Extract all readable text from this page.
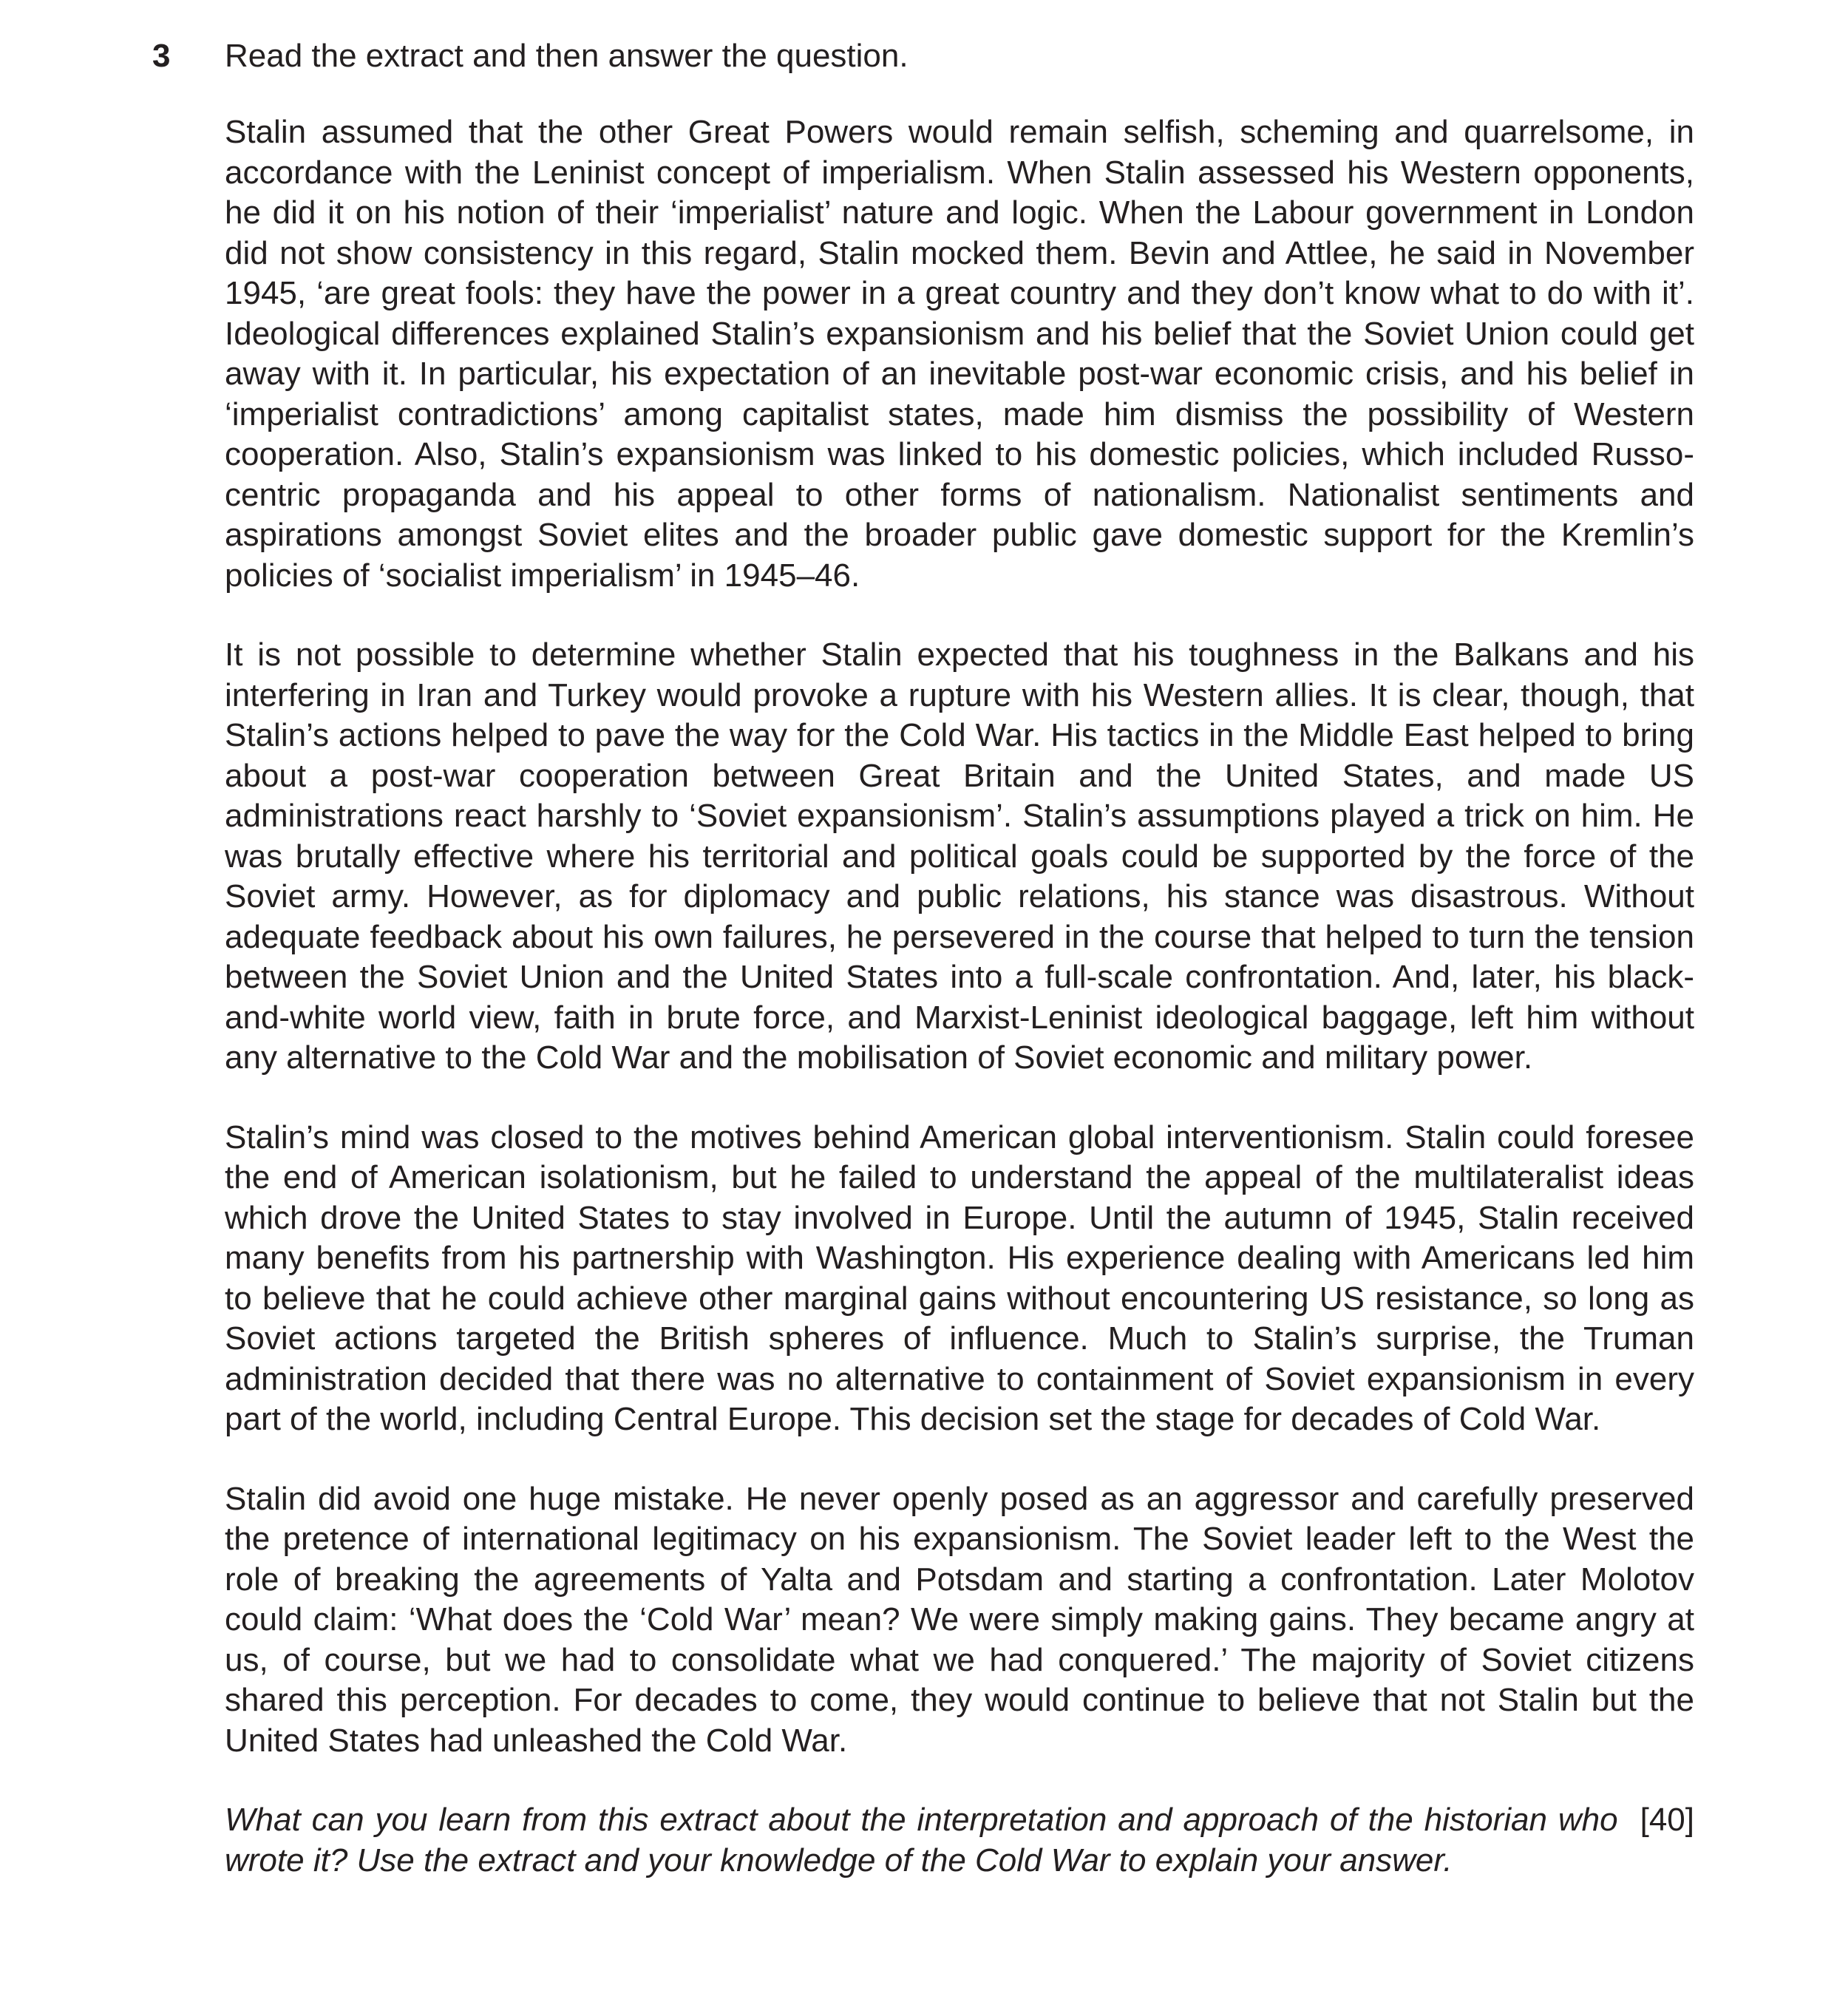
3 Read the extract and then answer the question.

Stalin assumed that the other Great Powers would remain selfish, scheming and quarrelsome, in accordance with the Leninist concept of imperialism. When Stalin assessed his Western opponents, he did it on his notion of their ‘imperialist’ nature and logic. When the Labour government in London did not show consistency in this regard, Stalin mocked them. Bevin and Attlee, he said in November 1945, ‘are great fools: they have the power in a great country and they don’t know what to do with it’. Ideological differences explained Stalin’s expansionism and his belief that the Soviet Union could get away with it. In particular, his expectation of an inevitable post-war economic crisis, and his belief in ‘imperialist contradictions’ among capitalist states, made him dismiss the possibility of Western cooperation. Also, Stalin’s expansionism was linked to his domestic policies, which included Russo-centric propaganda and his appeal to other forms of nationalism. Nationalist sentiments and aspirations amongst Soviet elites and the broader public gave domestic support for the Kremlin’s policies of ‘socialist imperialism’ in 1945–46.

It is not possible to determine whether Stalin expected that his toughness in the Balkans and his interfering in Iran and Turkey would provoke a rupture with his Western allies. It is clear, though, that Stalin’s actions helped to pave the way for the Cold War. His tactics in the Middle East helped to bring about a post-war cooperation between Great Britain and the United States, and made US administrations react harshly to ‘Soviet expansionism’. Stalin’s assumptions played a trick on him. He was brutally effective where his territorial and political goals could be supported by the force of the Soviet army. However, as for diplomacy and public relations, his stance was disastrous. Without adequate feedback about his own failures, he persevered in the course that helped to turn the tension between the Soviet Union and the United States into a full-scale confrontation. And, later, his black-and-white world view, faith in brute force, and Marxist-Leninist ideological baggage, left him without any alternative to the Cold War and the mobilisation of Soviet economic and military power.

Stalin’s mind was closed to the motives behind American global interventionism. Stalin could foresee the end of American isolationism, but he failed to understand the appeal of the multilateralist ideas which drove the United States to stay involved in Europe. Until the autumn of 1945, Stalin received many benefits from his partnership with Washington. His experience dealing with Americans led him to believe that he could achieve other marginal gains without encountering US resistance, so long as Soviet actions targeted the British spheres of influence. Much to Stalin’s surprise, the Truman administration decided that there was no alternative to containment of Soviet expansionism in every part of the world, including Central Europe. This decision set the stage for decades of Cold War.

Stalin did avoid one huge mistake. He never openly posed as an aggressor and carefully preserved the pretence of international legitimacy on his expansionism. The Soviet leader left to the West the role of breaking the agreements of Yalta and Potsdam and starting a confrontation. Later Molotov could claim: ‘What does the ‘Cold War’ mean? We were simply making gains. They became angry at us, of course, but we had to consolidate what we had conquered.’ The majority of Soviet citizens shared this perception. For decades to come, they would continue to believe that not Stalin but the United States had unleashed the Cold War.

[40]
What can you learn from this extract about the interpretation and approach of the historian who wrote it? Use the extract and your knowledge of the Cold War to explain your answer.
